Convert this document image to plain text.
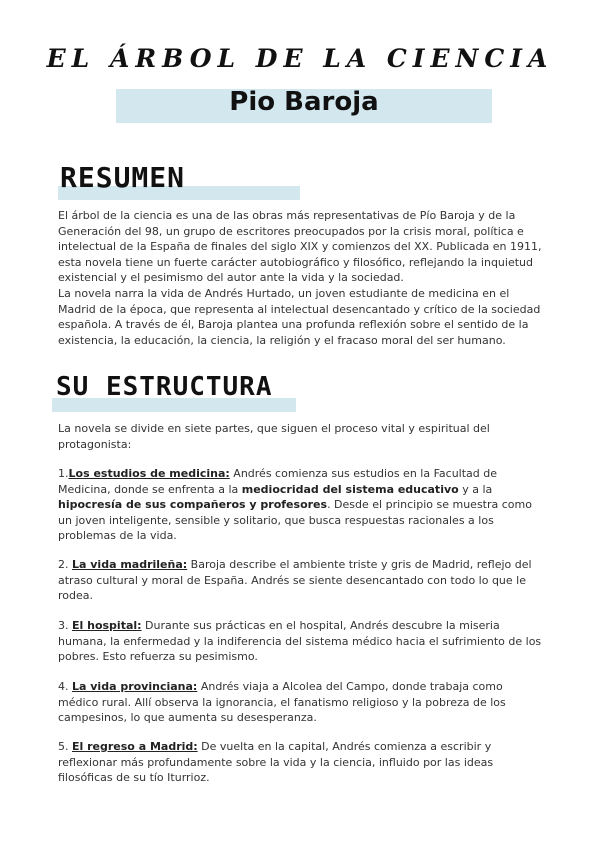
EL ÁRBOL DE LA CIENCIA
Pio Baroja
RESUMEN

El árbol de la ciencia es una de las obras más representativas de Pío Baroja y de la Generación del 98, un grupo de escritores preocupados por la crisis moral, política e intelectual de la España de finales del siglo XIX y comienzos del XX. Publicada en 1911, esta novela tiene un fuerte carácter autobiográfico y filosófico, reflejando la inquietud existencial y el pesimismo del autor ante la vida y la sociedad.

La novela narra la vida de Andrés Hurtado, un joven estudiante de medicina en el Madrid de la época, que representa al intelectual desencantado y crítico de la sociedad española. A través de él, Baroja plantea una profunda reflexión sobre el sentido de la existencia, la educación, la ciencia, la religión y el fracaso moral del ser humano.

SU ESTRUCTURA

La novela se divide en siete partes, que siguen el proceso vital y espiritual del protagonista:

1.Los estudios de medicina: Andrés comienza sus estudios en la Facultad de Medicina, donde se enfrenta a la mediocridad del sistema educativo y a la hipocresía de sus compañeros y profesores. Desde el principio se muestra como un joven inteligente, sensible y solitario, que busca respuestas racionales a los problemas de la vida.

2. La vida madrileña: Baroja describe el ambiente triste y gris de Madrid, reflejo del atraso cultural y moral de España. Andrés se siente desencantado con todo lo que le rodea.

3. El hospital: Durante sus prácticas en el hospital, Andrés descubre la miseria humana, la enfermedad y la indiferencia del sistema médico hacia el sufrimiento de los pobres. Esto refuerza su pesimismo.

4. La vida provinciana: Andrés viaja a Alcolea del Campo, donde trabaja como médico rural. Allí observa la ignorancia, el fanatismo religioso y la pobreza de los campesinos, lo que aumenta su desesperanza.

5. El regreso a Madrid: De vuelta en la capital, Andrés comienza a escribir y reflexionar más profundamente sobre la vida y la ciencia, influido por las ideas filosóficas de su tío Iturrioz.
